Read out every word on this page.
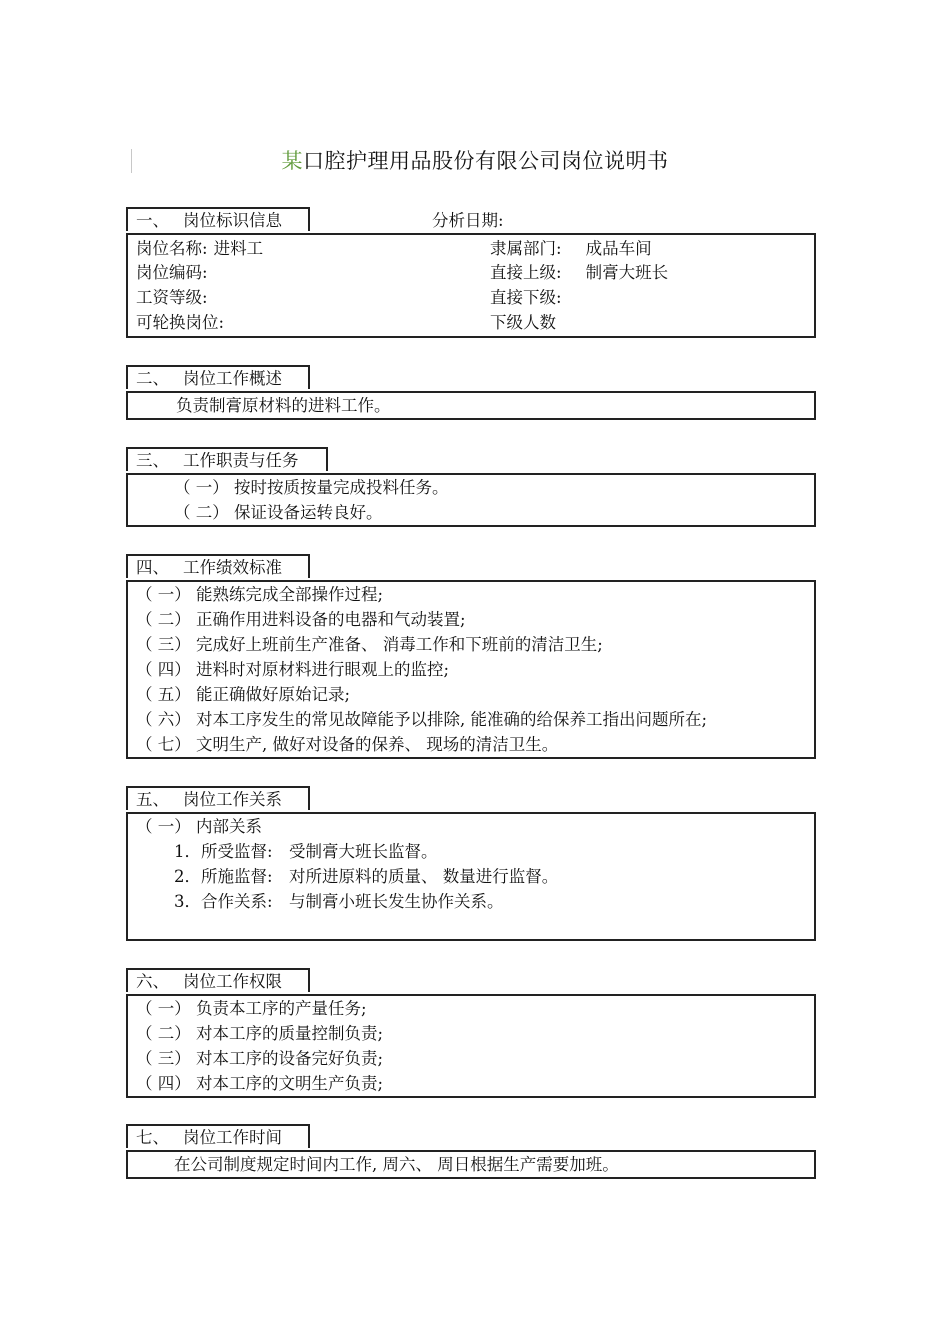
某口腔护理用品股份有限公司岗位说明书
一、 岗位标识信息	分析日期:
岗位名称: 进料工
岗位编码:
工资等级:
可轮换岗位:
隶属部门: 成品车间
直接上级: 制膏大班长
直接下级:
下级人数
二、 岗位工作概述
负责制膏原材料的进料工作。
三、 工作职责与任务
（ 一） 按时按质按量完成投料任务。
（ 二） 保证设备运转良好。
四、 工作绩效标准
（ 一） 能熟练完成全部操作过程;
（ 二） 正确作用进料设备的电器和气动装置;
（ 三） 完成好上班前生产准备、 消毒工作和下班前的清洁卫生;
（ 四） 进料时对原材料进行眼观上的监控;
（ 五） 能正确做好原始记录;
（ 六） 对本工序发生的常见故障能予以排除, 能准确的给保养工指出问题所在;
（ 七） 文明生产, 做好对设备的保养、 现场的清洁卫生。
五、 岗位工作关系
（ 一） 内部关系
1．所受监督:　受制膏大班长监督。
2．所施监督:　对所进原料的质量、 数量进行监督。
3．合作关系:　与制膏小班长发生协作关系。
六、 岗位工作权限
（ 一） 负责本工序的产量任务;
（ 二） 对本工序的质量控制负责;
（ 三） 对本工序的设备完好负责;
（ 四） 对本工序的文明生产负责;
七、 岗位工作时间
在公司制度规定时间内工作, 周六、 周日根据生产需要加班。
